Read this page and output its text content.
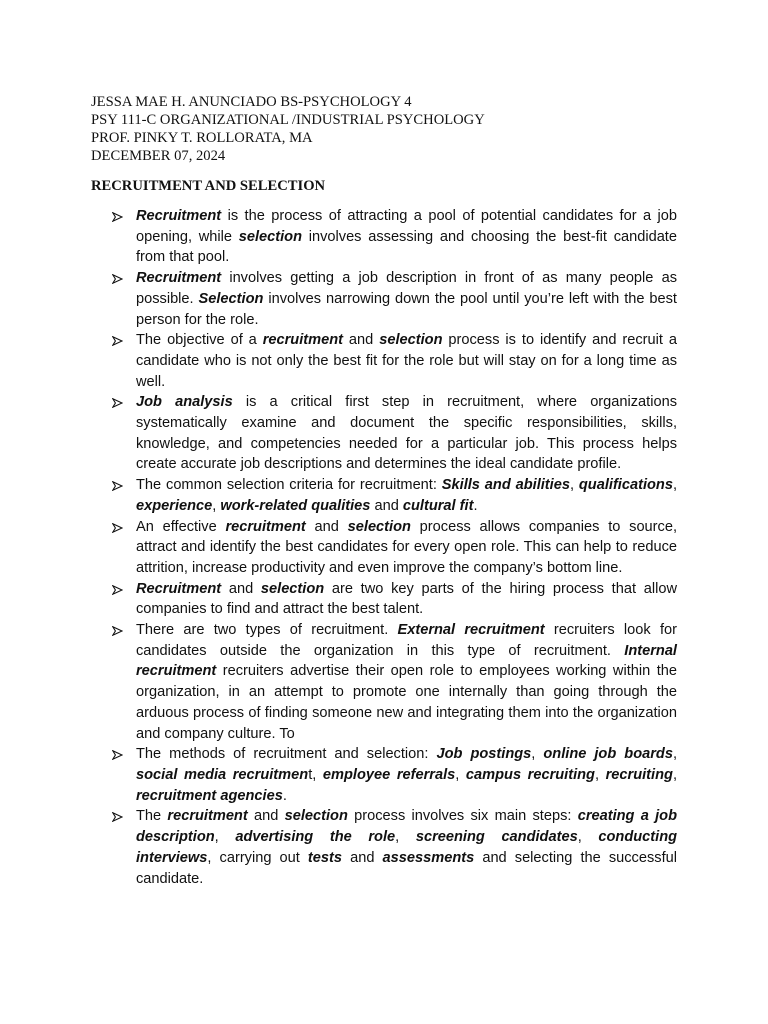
JESSA MAE H. ANUNCIADO BS-PSYCHOLOGY 4
PSY 111-C ORGANIZATIONAL /INDUSTRIAL PSYCHOLOGY
PROF. PINKY T. ROLLORATA, MA
DECEMBER 07, 2024
RECRUITMENT AND SELECTION
Recruitment is the process of attracting a pool of potential candidates for a job opening, while selection involves assessing and choosing the best-fit candidate from that pool.
Recruitment involves getting a job description in front of as many people as possible. Selection involves narrowing down the pool until you’re left with the best person for the role.
The objective of a recruitment and selection process is to identify and recruit a candidate who is not only the best fit for the role but will stay on for a long time as well.
Job analysis is a critical first step in recruitment, where organizations systematically examine and document the specific responsibilities, skills, knowledge, and competencies needed for a particular job. This process helps create accurate job descriptions and determines the ideal candidate profile.
The common selection criteria for recruitment: Skills and abilities, qualifications, experience, work-related qualities and cultural fit.
An effective recruitment and selection process allows companies to source, attract and identify the best candidates for every open role. This can help to reduce attrition, increase productivity and even improve the company’s bottom line.
Recruitment and selection are two key parts of the hiring process that allow companies to find and attract the best talent.
There are two types of recruitment. External recruitment recruiters look for candidates outside the organization in this type of recruitment. Internal recruitment recruiters advertise their open role to employees working within the organization, in an attempt to promote one internally than going through the arduous process of finding someone new and integrating them into the organization and company culture. To
The methods of recruitment and selection: Job postings, online job boards, social media recruitment, employee referrals, campus recruiting, recruiting, recruitment agencies.
The recruitment and selection process involves six main steps: creating a job description, advertising the role, screening candidates, conducting interviews, carrying out tests and assessments and selecting the successful candidate.
